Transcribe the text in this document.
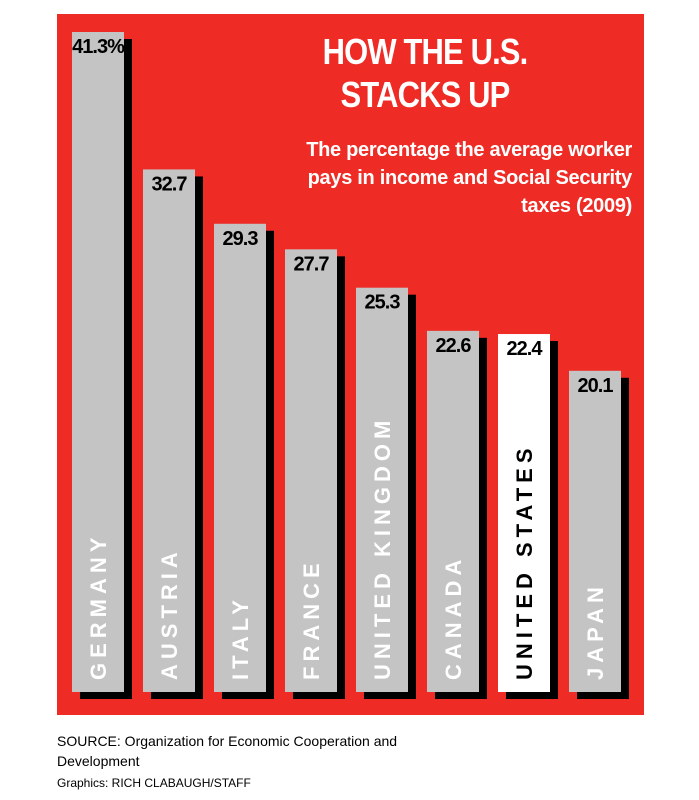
HOW THE U.S. STACKS UP

The percentage the average worker pays in income and Social Security taxes (2009)

41.3%
GERMANY
32.7
AUSTRIA
29.3
ITALY
27.7
FRANCE
25.3
UNITED KINGDOM
22.6
CANADA
22.4
UNITED STATES
20.1
JAPAN

SOURCE: Organization for Economic Cooperation and Development

Graphics: RICH CLABAUGH/STAFF
